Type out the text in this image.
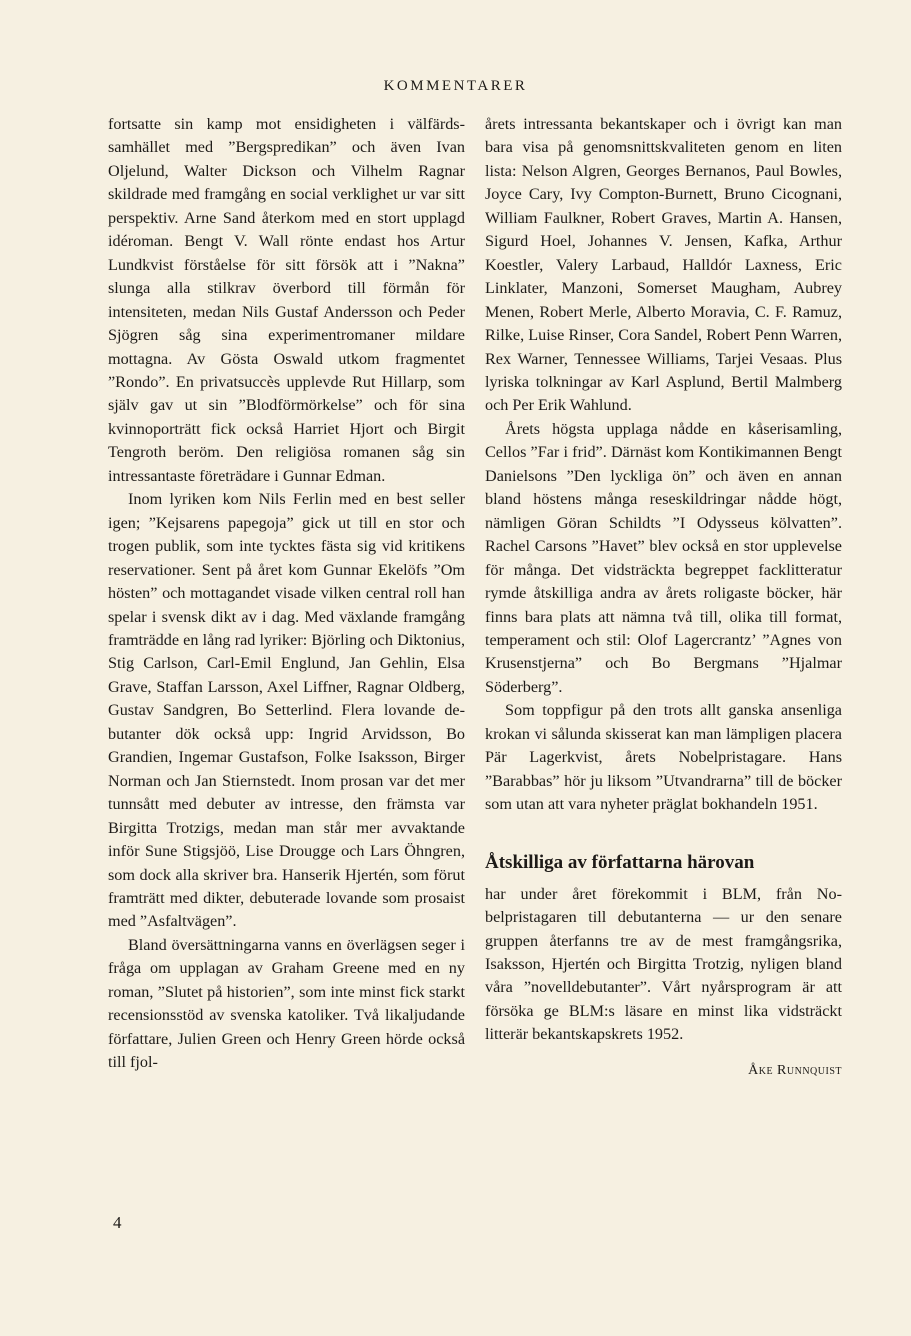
KOMMENTARER

fortsatte sin kamp mot ensidigheten i välfärdssamhället med ”Bergspredikan” och även Ivan Oljelund, Walter Dickson och Vilhelm Ragnar skildrade med framgång en social verklighet ur var sitt perspektiv. Arne Sand återkom med en stort upplagd idéroman. Bengt V. Wall rönte endast hos Artur Lundkvist förståelse för sitt försök att i ”Nakna” slunga alla stilkrav överbord till förmån för intensiteten, medan Nils Gustaf Andersson och Peder Sjögren såg sina experimentromaner mildare mottagna. Av Gösta Oswald utkom fragmentet ”Rondo”. En privatsuccès upplevde Rut Hillarp, som själv gav ut sin ”Blodförmörkelse” och för sina kvinnoporträtt fick också Harriet Hjort och Birgit Tengroth beröm. Den religiösa romanen såg sin intressantaste företrädare i Gunnar Edman.

Inom lyriken kom Nils Ferlin med en best seller igen; ”Kejsarens papegoja” gick ut till en stor och trogen publik, som inte tycktes fästa sig vid kritikens reservationer. Sent på året kom Gunnar Ekelöfs ”Om hösten” och mottagandet visade vilken central roll han spelar i svensk dikt av i dag. Med växlande framgång framträdde en lång rad lyriker: Björling och Diktonius, Stig Carlson, Carl-Emil Englund, Jan Gehlin, Elsa Grave, Staffan Larsson, Axel Liffner, Ragnar Oldberg, Gustav Sandgren, Bo Setterlind. Flera lovande debutanter dök också upp: Ingrid Arvidsson, Bo Grandien, Ingemar Gustafson, Folke Isaksson, Birger Norman och Jan Stiernstedt. Inom prosan var det mer tunnsått med debuter av intresse, den främsta var Birgitta Trotzigs, medan man står mer avvaktande inför Sune Stigsjöö, Lise Drougge och Lars Öhngren, som dock alla skriver bra. Hanserik Hjertén, som förut framträtt med dikter, debuterade lovande som prosaist med ”Asfaltvägen”.

Bland översättningarna vanns en överlägsen seger i fråga om upplagan av Graham Greene med en ny roman, ”Slutet på historien”, som inte minst fick starkt recensionsstöd av svenska katoliker. Två likaljudande författare, Julien Green och Henry Green hörde också till fjol-

årets intressanta bekantskaper och i övrigt kan man bara visa på genomsnittskvaliteten genom en liten lista: Nelson Algren, Georges Bernanos, Paul Bowles, Joyce Cary, Ivy Compton-Burnett, Bruno Cicognani, William Faulkner, Robert Graves, Martin A. Hansen, Sigurd Hoel, Johannes V. Jensen, Kafka, Arthur Koestler, Valery Larbaud, Halldór Laxness, Eric Linklater, Manzoni, Somerset Maugham, Aubrey Menen, Robert Merle, Alberto Moravia, C. F. Ramuz, Rilke, Luise Rinser, Cora Sandel, Robert Penn Warren, Rex Warner, Tennessee Williams, Tarjei Vesaas. Plus lyriska tolkningar av Karl Asplund, Bertil Malmberg och Per Erik Wahlund.

Årets högsta upplaga nådde en kåserisamling, Cellos ”Far i frid”. Därnäst kom Kontikimannen Bengt Danielsons ”Den lyckliga ön” och även en annan bland höstens många reseskildringar nådde högt, nämligen Göran Schildts ”I Odysseus kölvatten”. Rachel Carsons ”Havet” blev också en stor upplevelse för många. Det vidsträckta begreppet facklitteratur rymde åtskilliga andra av årets roligaste böcker, här finns bara plats att nämna två till, olika till format, temperament och stil: Olof Lagercrantz’ ”Agnes von Krusenstjerna” och Bo Bergmans ”Hjalmar Söderberg”.

Som toppfigur på den trots allt ganska ansenliga krokan vi sålunda skisserat kan man lämpligen placera Pär Lagerkvist, årets Nobelpristagare. Hans ”Barabbas” hör ju liksom ”Utvandrarna” till de böcker som utan att vara nyheter präglat bokhandeln 1951.

Åtskilliga av författarna härovan

har under året förekommit i BLM, från Nobelpristagaren till debutanterna — ur den senare gruppen återfanns tre av de mest framgångsrika, Isaksson, Hjertén och Birgitta Trotzig, nyligen bland våra ”novelldebutanter”. Vårt nyårsprogram är att försöka ge BLM:s läsare en minst lika vidsträckt litterär bekantskapskrets 1952.

Åke Runnquist
4
